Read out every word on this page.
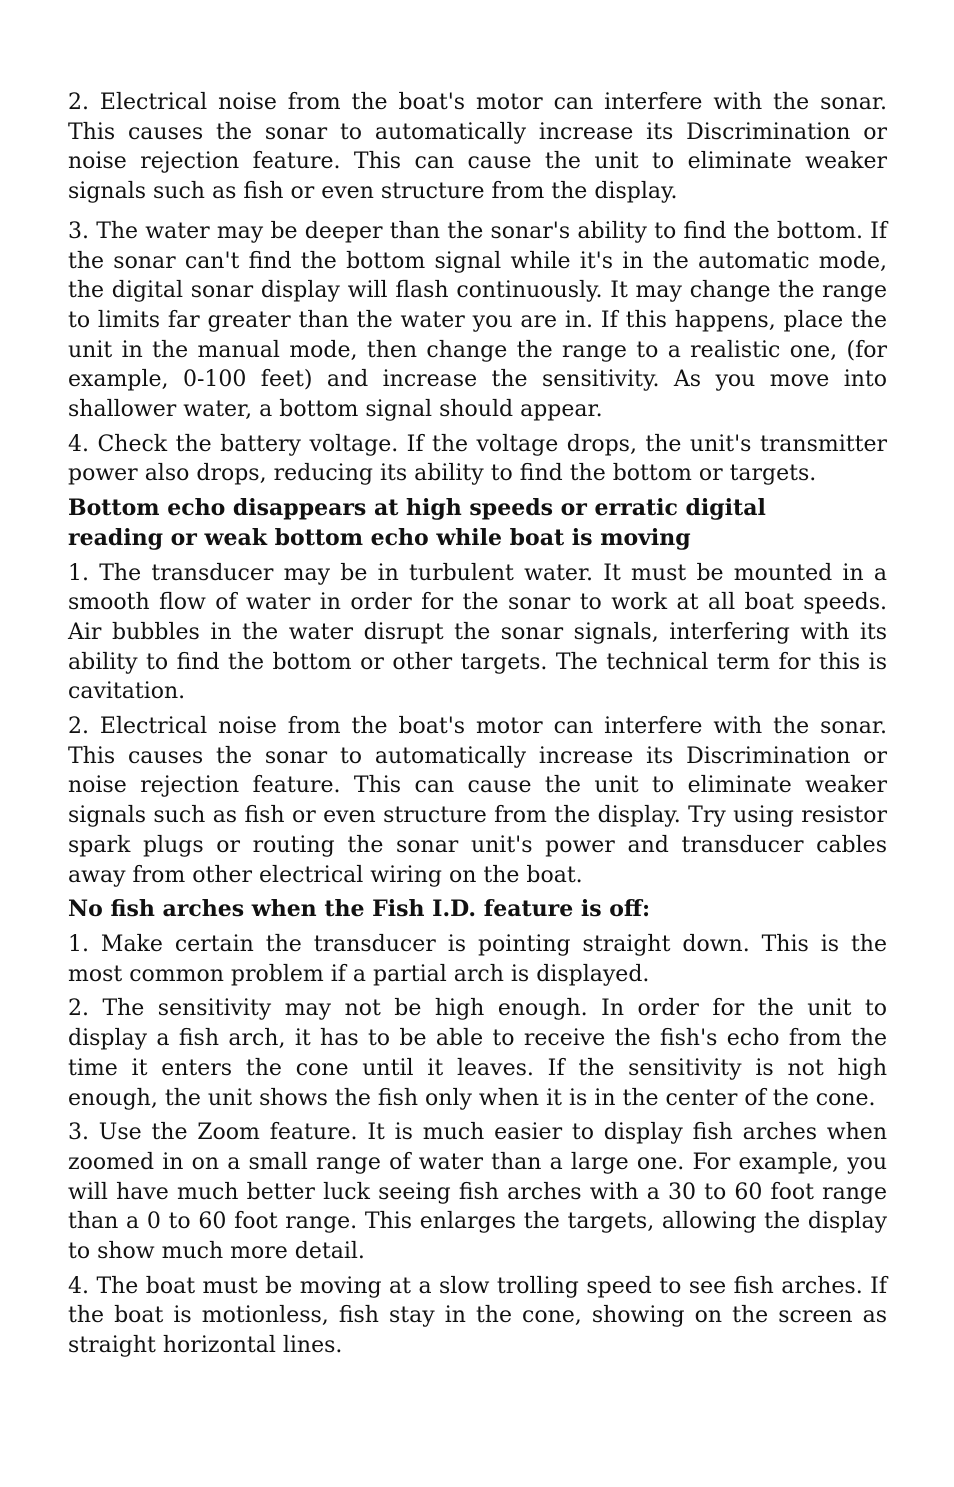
2. Electrical noise from the boat's motor can interfere with the sonar. This causes the sonar to automatically increase its Discrimination or noise rejection feature. This can cause the unit to eliminate weaker signals such as fish or even structure from the display.

3. The water may be deeper than the sonar's ability to find the bottom. If the sonar can't find the bottom signal while it's in the automatic mode, the digital sonar display will flash continuously. It may change the range to limits far greater than the water you are in. If this happens, place the unit in the manual mode, then change the range to a realistic one, (for example, 0-100 feet) and increase the sensitivity. As you move into shallower water, a bottom signal should appear.

4. Check the battery voltage. If the voltage drops, the unit's transmitter power also drops, reducing its ability to find the bottom or targets.

Bottom echo disappears at high speeds or erratic digital
reading or weak bottom echo while boat is moving

1. The transducer may be in turbulent water. It must be mounted in a smooth flow of water in order for the sonar to work at all boat speeds. Air bubbles in the water disrupt the sonar signals, interfering with its ability to find the bottom or other targets. The technical term for this is cavitation.

2. Electrical noise from the boat's motor can interfere with the sonar. This causes the sonar to automatically increase its Discrimination or noise rejection feature. This can cause the unit to eliminate weaker signals such as fish or even structure from the display. Try using resistor spark plugs or routing the sonar unit's power and transducer cables away from other electrical wiring on the boat.

No fish arches when the Fish I.D. feature is off:

1. Make certain the transducer is pointing straight down. This is the most common problem if a partial arch is displayed.

2. The sensitivity may not be high enough. In order for the unit to display a fish arch, it has to be able to receive the fish's echo from the time it enters the cone until it leaves. If the sensitivity is not high enough, the unit shows the fish only when it is in the center of the cone.

3. Use the Zoom feature. It is much easier to display fish arches when zoomed in on a small range of water than a large one. For example, you will have much better luck seeing fish arches with a 30 to 60 foot range than a 0 to 60 foot range. This enlarges the targets, allowing the display to show much more detail.

4. The boat must be moving at a slow trolling speed to see fish arches. If the boat is motionless, fish stay in the cone, showing on the screen as straight horizontal lines.
